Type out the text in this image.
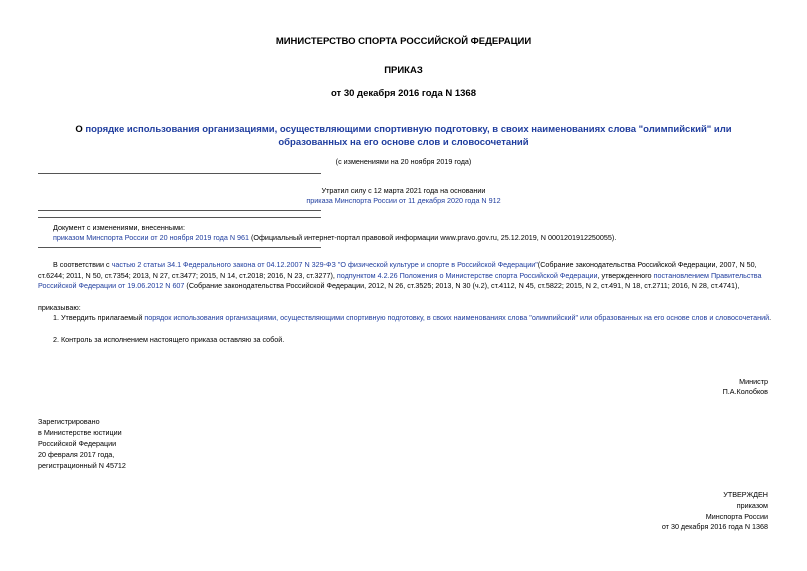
МИНИСТЕРСТВО СПОРТА РОССИЙСКОЙ ФЕДЕРАЦИИ
ПРИКАЗ
от 30 декабря 2016 года N 1368
О порядке использования организациями, осуществляющими спортивную подготовку, в своих наименованиях слова "олимпийский" или образованных на его основе слов и словосочетаний
(с изменениями на 20 ноября 2019 года)
Утратил силу с 12 марта 2021 года на основании
приказа Минспорта России от 11 декабря 2020 года N 912
Документ с изменениями, внесенными:
приказом Минспорта России от 20 ноября 2019 года N 961 (Официальный интернет-портал правовой информации www.pravo.gov.ru, 25.12.2019, N 0001201912250055).
В соответствии с частью 2 статьи 34.1 Федерального закона от 04.12.2007 N 329-ФЗ "О физической культуре и спорте в Российской Федерации"(Собрание законодательства Российской Федерации, 2007, N 50, ст.6244; 2011, N 50, ст.7354; 2013, N 27, ст.3477; 2015, N 14, ст.2018; 2016, N 23, ст.3277), подпунктом 4.2.26 Положения о Министерстве спорта Российской Федерации, утвержденного постановлением Правительства Российской Федерации от 19.06.2012 N 607 (Собрание законодательства Российской Федерации, 2012, N 26, ст.3525; 2013, N 30 (ч.2), ст.4112, N 45, ст.5822; 2015, N 2, ст.491, N 18, ст.2711; 2016, N 28, ст.4741),
приказываю:
1. Утвердить прилагаемый порядок использования организациями, осуществляющими спортивную подготовку, в своих наименованиях слова "олимпийский" или образованных на его основе слов и словосочетаний.
2. Контроль за исполнением настоящего приказа оставляю за собой.
Министр
П.А.Колобков
Зарегистрировано
в Министерстве юстиции
Российской Федерации
20 февраля 2017 года,
регистрационный N 45712
УТВЕРЖДЕН
приказом
Минспорта России
от 30 декабря 2016 года N 1368
